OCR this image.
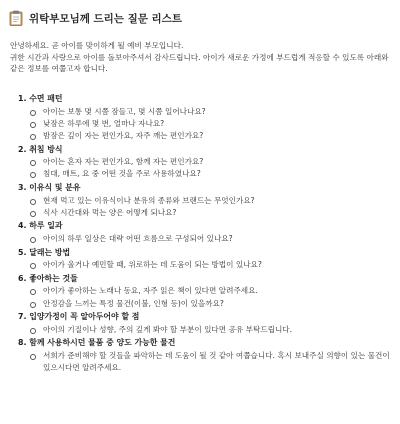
위탁부모님께 드리는 질문 리스트

안녕하세요. 곧 아이를 맞이하게 될 예비 부모입니다.

귀한 시간과 사랑으로 아이를 돌보아주셔서 감사드립니다. 아이가 새로운 가정에 부드럽게 적응할 수 있도록 아래와 같은 정보를 여쭙고자 합니다.

1. 수면 패턴
아이는 보통 몇 시쯤 잠들고, 몇 시쯤 일어나나요?
낮잠은 하루에 몇 번, 얼마나 자나요?
밤잠은 깊이 자는 편인가요, 자주 깨는 편인가요?
2. 취침 방식
아이는 혼자 자는 편인가요, 함께 자는 편인가요?
침대, 매트, 요 중 어떤 것을 주로 사용하였나요?
3. 이유식 및 분유
현재 먹고 있는 이유식이나 분유의 종류와 브랜드는 무엇인가요?
식사 시간대와 먹는 양은 어떻게 되나요?
4. 하루 일과
아이의 하루 일상은 대략 어떤 흐름으로 구성되어 있나요?
5. 달래는 방법
아이가 울거나 예민할 때, 위로하는 데 도움이 되는 방법이 있나요?
6. 좋아하는 것들
아이가 좋아하는 노래나 동요, 자주 읽은 책이 있다면 알려주세요.
안정감을 느끼는 특정 물건(이불, 인형 등)이 있을까요?
7. 입양가정이 꼭 알아두어야 할 점
아이의 기질이나 성향, 주의 깊게 봐야 할 부분이 있다면 공유 부탁드립니다.
8. 함께 사용하시던 물품 중 양도 가능한 물건
서희가 준비해야 할 것들을 파악하는 데 도움이 될 것 같아 여쭙습니다. 혹시 보내주실 의향이 있는 물건이 있으시다면 알려주세요.
